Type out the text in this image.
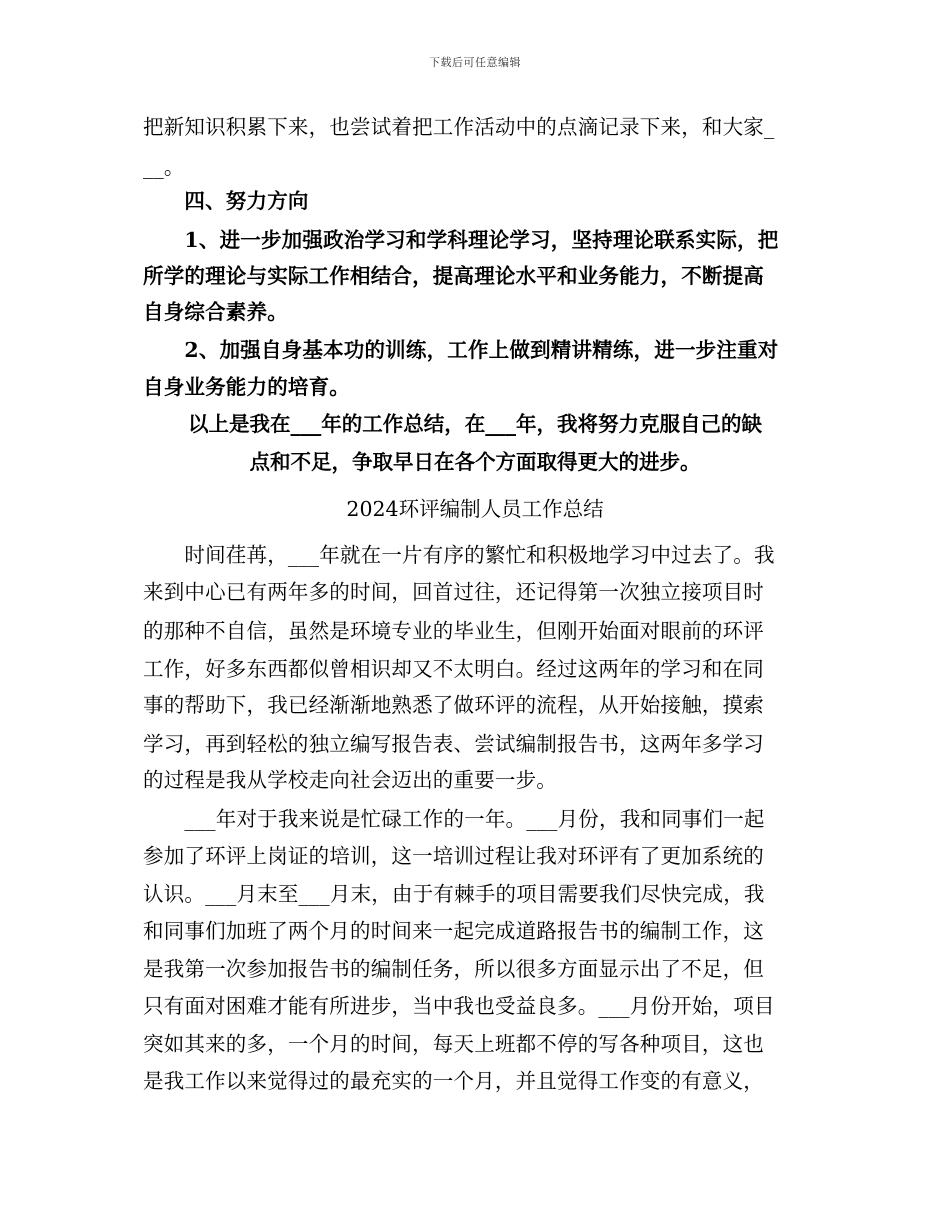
下载后可任意编辑
把新知识积累下来，也尝试着把工作活动中的点滴记录下来，和大家_
__。
　　四、努力方向
　　1、进一步加强政治学习和学科理论学习，坚持理论联系实际，把
所学的理论与实际工作相结合，提高理论水平和业务能力，不断提高
自身综合素养。
　　2、加强自身基本功的训练，工作上做到精讲精练，进一步注重对
自身业务能力的培育。
以上是我在___年的工作总结，在___年，我将努力克服自己的缺
点和不足，争取早日在各个方面取得更大的进步。
2024环评编制人员工作总结
　　时间荏苒，___年就在一片有序的繁忙和积极地学习中过去了。我
来到中心已有两年多的时间，回首过往，还记得第一次独立接项目时
的那种不自信，虽然是环境专业的毕业生，但刚开始面对眼前的环评
工作，好多东西都似曾相识却又不太明白。经过这两年的学习和在同
事的帮助下，我已经渐渐地熟悉了做环评的流程，从开始接触，摸索
学习，再到轻松的独立编写报告表、尝试编制报告书，这两年多学习
的过程是我从学校走向社会迈出的重要一步。
　　___年对于我来说是忙碌工作的一年。___月份，我和同事们一起
参加了环评上岗证的培训，这一培训过程让我对环评有了更加系统的
认识。___月末至___月末，由于有棘手的项目需要我们尽快完成，我
和同事们加班了两个月的时间来一起完成道路报告书的编制工作，这
是我第一次参加报告书的编制任务，所以很多方面显示出了不足，但
只有面对困难才能有所进步，当中我也受益良多。___月份开始，项目
突如其来的多，一个月的时间，每天上班都不停的写各种项目，这也
是我工作以来觉得过的最充实的一个月，并且觉得工作变的有意义，
